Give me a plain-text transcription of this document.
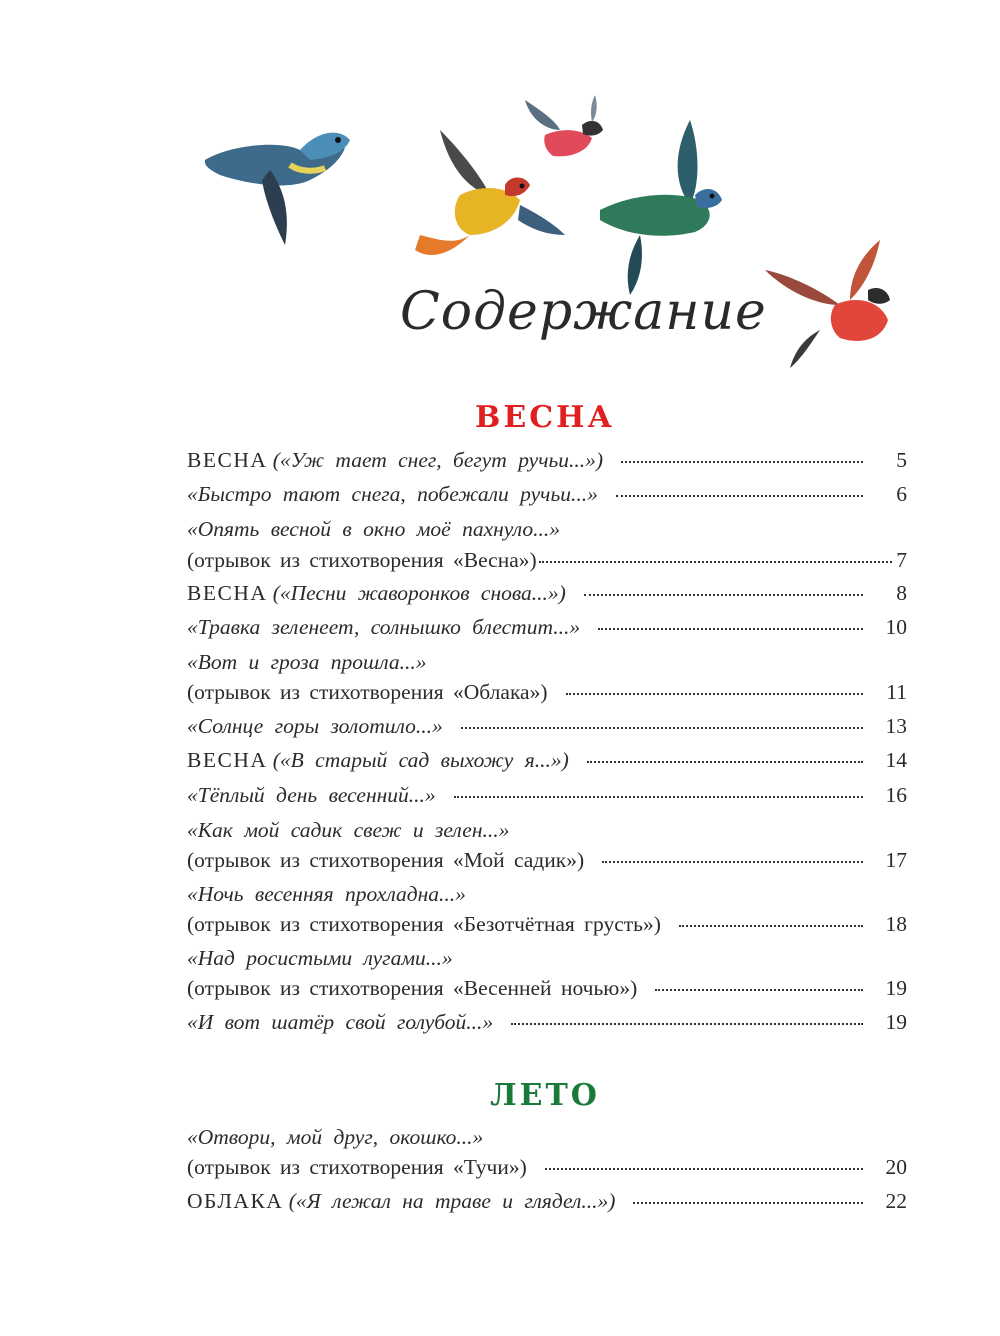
Содержание
ВЕСНА
ВЕСНА («Уж тает снег, бегут ручьи...»)	5
«Быстро тают снега, побежали ручьи...»	6
«Опять весной в окно моё пахнуло...»
(отрывок из стихотворения «Весна»)	7
ВЕСНА («Песни жаворонков снова...»)	8
«Травка зеленеет, солнышко блестит...»	10
«Вот и гроза прошла...»
(отрывок из стихотворения «Облака»)	11
«Солнце горы золотило...»	13
ВЕСНА («В старый сад выхожу я...»)	14
«Тёплый день весенний...»	16
«Как мой садик свеж и зелен...»
(отрывок из стихотворения «Мой садик»)	17
«Ночь весенняя прохладна...»
(отрывок из стихотворения «Безотчётная грусть»)	18
«Над росистыми лугами...»
(отрывок из стихотворения «Весенней ночью»)	19
«И вот шатёр свой голубой...»	19
ЛЕТО
«Отвори, мой друг, окошко...»
(отрывок из стихотворения «Тучи»)	20
ОБЛАКА («Я лежал на траве и глядел...»)	22
